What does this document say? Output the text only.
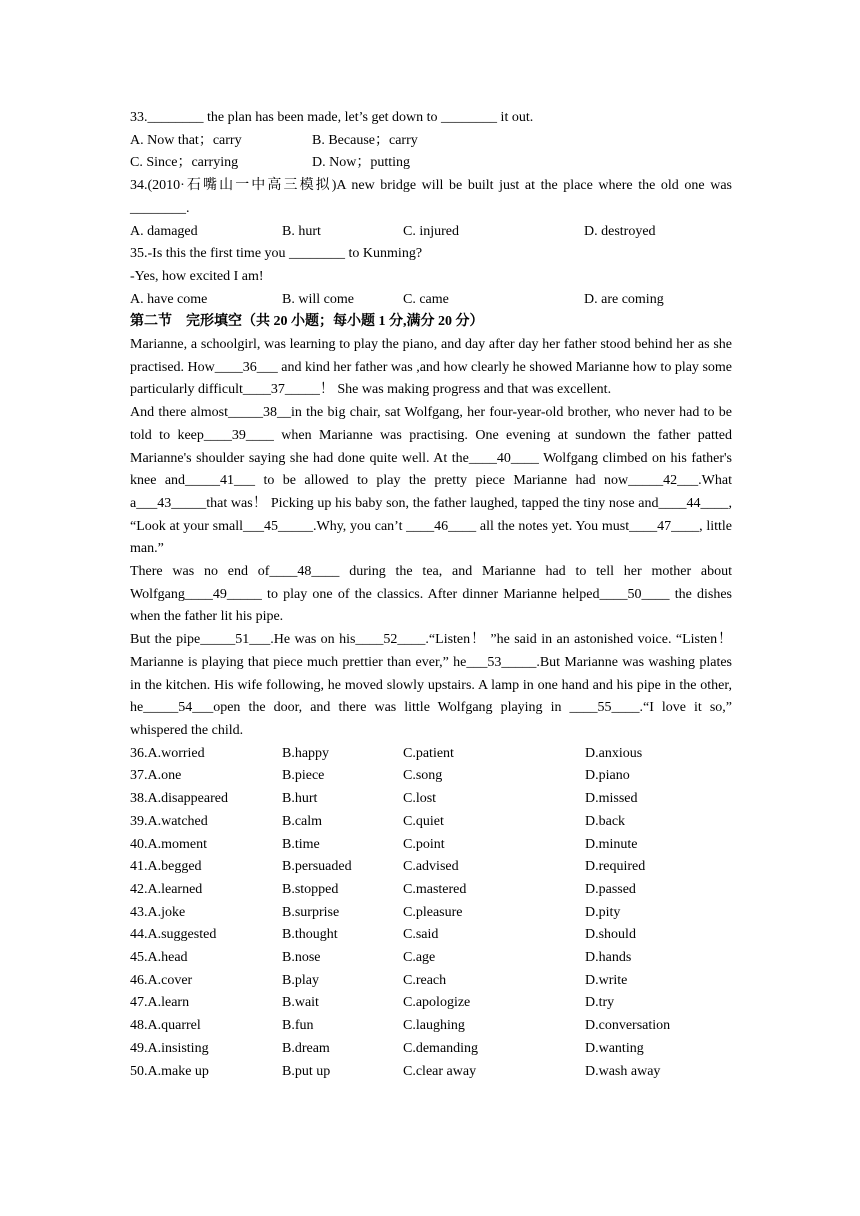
33.________ the plan has been made, let’s get down to ________ it out.
A. Now that；carry	B. Because；carry
C. Since；carrying	D. Now；putting
34.(2010·石嘴山一中高三模拟)A new bridge will be built just at the place where the old one was
________.
A. damaged	B. hurt	C. injured	D. destroyed
35.-Is this the first time you ________ to Kunming?
-Yes, how excited I am!
A. have come	B. will come	C. came	D. are coming
第二节　完形填空（共 20 小题；每小题 1 分,满分 20 分）
Marianne, a schoolgirl, was learning to play the piano, and day after day her father stood behind her as she practised. How____36___ and kind her father was ,and how clearly he showed Marianne how to play some particularly difficult____37_____！ She was making progress and that was excellent.
And there almost_____38__in the big chair, sat Wolfgang, her four-year-old brother, who never had to be told to keep____39____ when Marianne was practising. One evening at sundown the father patted Marianne's shoulder saying she had done quite well. At the____40____ Wolfgang climbed on his father's knee and_____41___ to be allowed to play the pretty piece Marianne had now_____42___.What a___43_____that was！ Picking up his baby son, the father laughed, tapped the tiny nose and____44____, “Look at your small___45_____.Why, you can’t ____46____ all the notes yet. You must____47____, little man.”
There was no end of____48____ during the tea, and Marianne had to tell her mother about Wolfgang____49_____ to play one of the classics. After dinner Marianne helped____50____ the dishes when the father lit his pipe.
But the pipe_____51___.He was on his____52____.“Listen！ ”he said in an astonished voice. “Listen！ Marianne is playing that piece much prettier than ever,” he___53_____.But Marianne was washing plates in the kitchen. His wife following, he moved slowly upstairs. A lamp in one hand and his pipe in the other, he_____54___open the door, and there was little Wolfgang playing in ____55____.“I love it so,” whispered the child.
36.A.worried	B.happy	C.patient	D.anxious
37.A.one	B.piece	C.song	D.piano
38.A.disappeared	B.hurt	C.lost	D.missed
39.A.watched	B.calm	C.quiet	D.back
40.A.moment	B.time	C.point	D.minute
41.A.begged	B.persuaded	C.advised	D.required
42.A.learned	B.stopped	C.mastered	D.passed
43.A.joke	B.surprise	C.pleasure	D.pity
44.A.suggested	B.thought	C.said	D.should
45.A.head	B.nose	C.age	D.hands
46.A.cover	B.play	C.reach	D.write
47.A.learn	B.wait	C.apologize	D.try
48.A.quarrel	B.fun	C.laughing	D.conversation
49.A.insisting	B.dream	C.demanding	D.wanting
50.A.make up	B.put up	C.clear away	D.wash away
